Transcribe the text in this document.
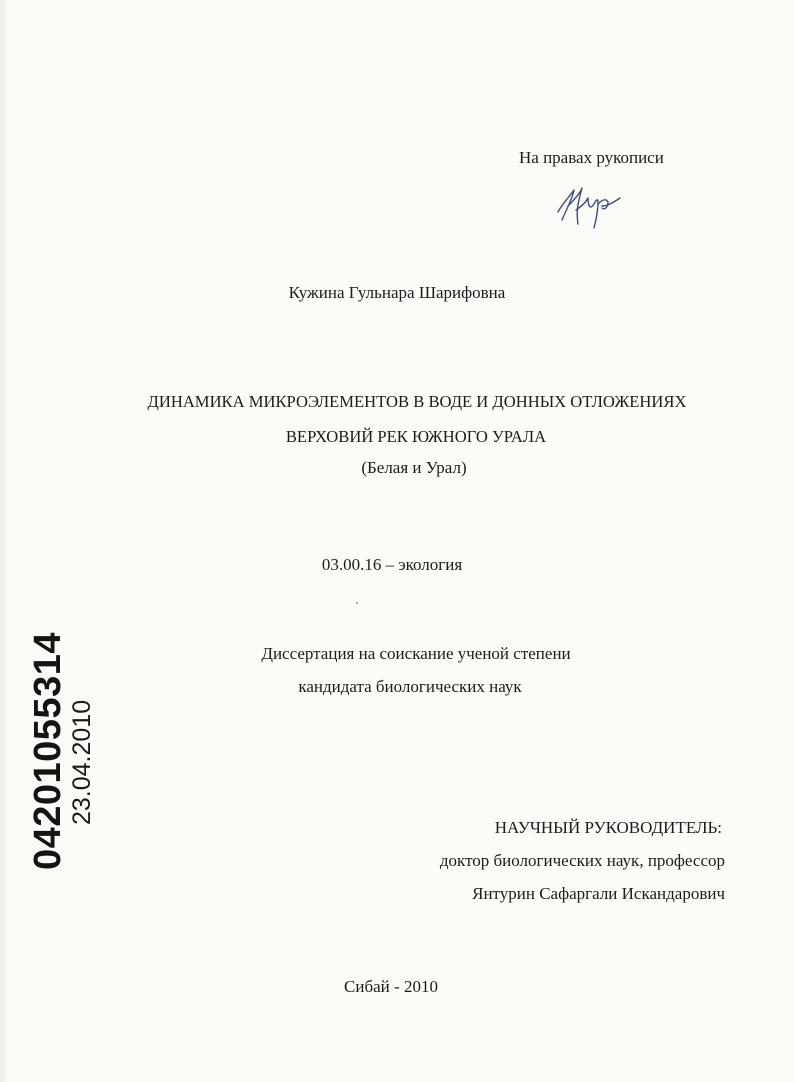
На правах рукописи
Кужина Гульнара Шарифовна
ДИНАМИКА МИКРОЭЛЕМЕНТОВ В ВОДЕ И ДОННЫХ ОТЛОЖЕНИЯХ
ВЕРХОВИЙ РЕК ЮЖНОГО УРАЛА
(Белая и Урал)
03.00.16 – экология
Диссертация на соискание ученой степени
кандидата биологических наук
НАУЧНЫЙ РУКОВОДИТЕЛЬ:
доктор биологических наук, профессор
Янтурин Сафаргали Искандарович
Сибай - 2010
04201055314 23.04.2010
